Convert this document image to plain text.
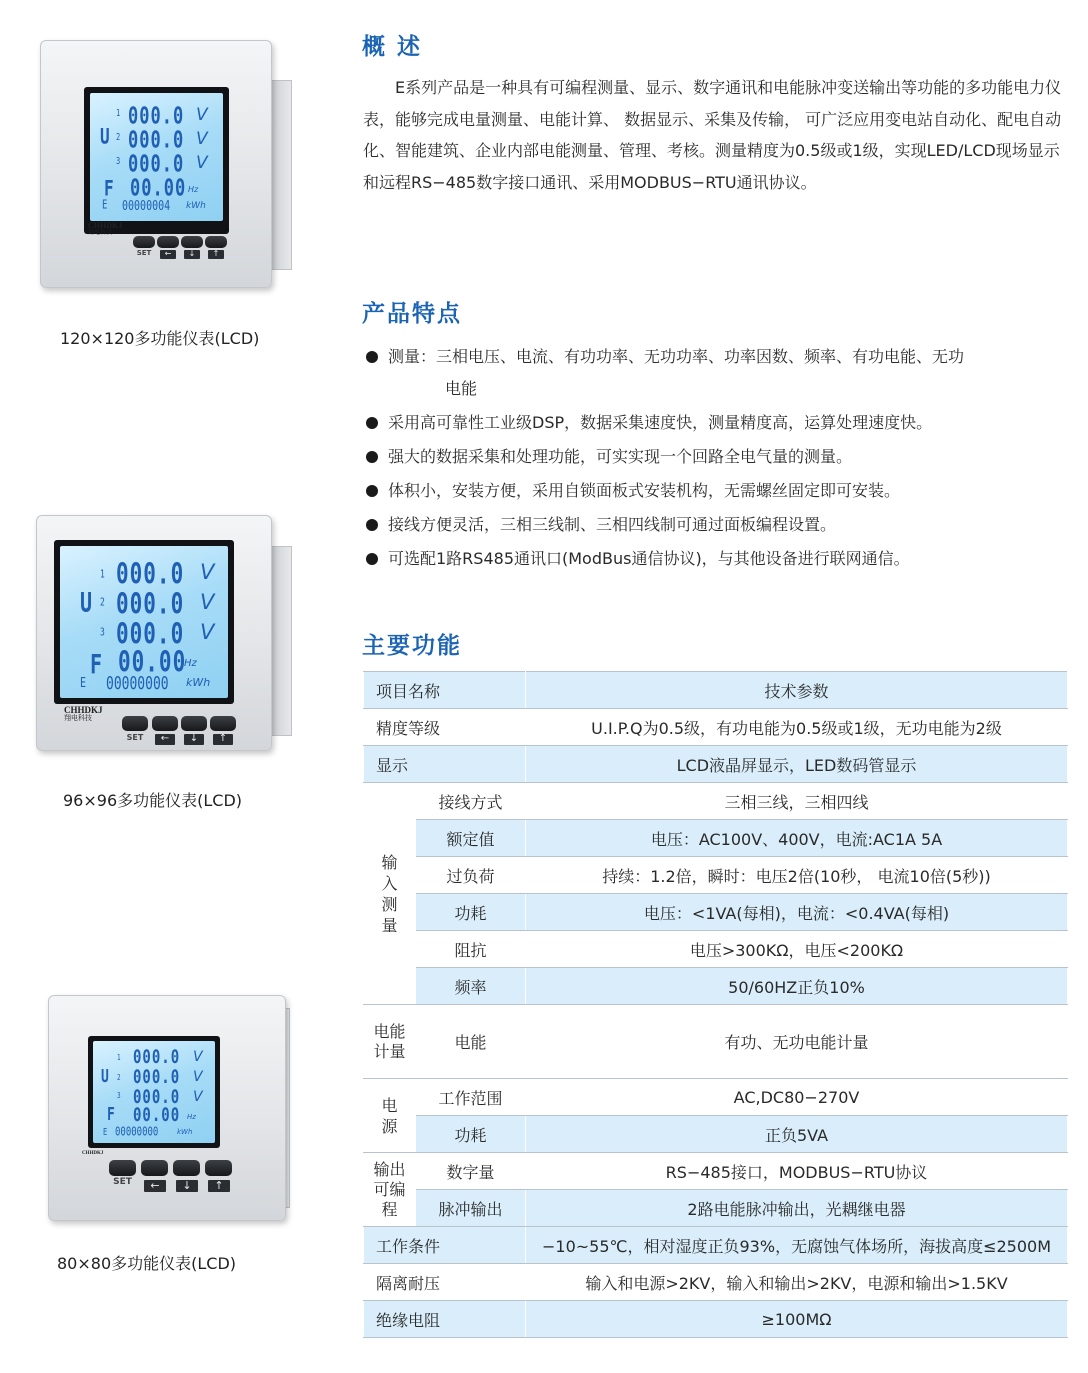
1
2
3
U
000.0
000.0
000.0
V
V
V
F 00.00 Hz
E 00000004 kWh
CHHDKJ
翔电科技
SET	←	↓	↑
120×120多功能仪表(LCD)
1
2
3
U
000.0
000.0
000.0
V
V
V
F 00.00
Hz
E 00000000 kWh
CHHDKJ
翔电科技
SET	←	↓	↑
96×96多功能仪表(LCD)
1
2
3
U
000.0
000.0
000.0
V
V
V
F 00.00 Hz
E 00000000	kWh
CHHDKJ
SET	←	↓	↑
80×80多功能仪表(LCD)
概 述

E系列产品是一种具有可编程测量、显示、数字通讯和电能脉冲变送输出等功能的多功能电力仪表，能够完成电量测量、电能计算、 数据显示、采集及传输， 可广泛应用变电站自动化、配电自动化、智能建筑、企业内部电能测量、管理、考核。测量精度为0.5级或1级，实现LED/LCD现场显示和远程RS−485数字接口通讯、采用MODBUS−RTU通讯协议。

产品特点
测量：三相电压、电流、有功功率、无功功率、功率因数、频率、有功电能、无功
电能
采用高可靠性工业级DSP，数据采集速度快，测量精度高，运算处理速度快。
强大的数据采集和处理功能，可实实现一个回路全电气量的测量。
体积小，安装方便，采用自锁面板式安装机构，无需螺丝固定即可安装。
接线方便灵活，三相三线制、三相四线制可通过面板编程设置。
可选配1路RS485通讯口(ModBus通信协议)，与其他设备进行联网通信。
主要功能
项目名称		技术参数
精度等级		U.I.P.Q为0.5级，有功电能为0.5级或1级，无功电能为2级
显示		LCD液晶屏显示，LED数码管显示
输入测量	接线方式	三相三线，三相四线
	额定值	电压：AC100V、400V，电流:AC1A 5A
	过负荷	持续：1.2倍，瞬时：电压2倍(10秒， 电流10倍(5秒))
	功耗	电压：<1VA(每相)，电流：<0.4VA(每相)
	阻抗	电压>300KΩ，电压<200KΩ
	频率	50/60HZ正负10%
电能计量	电能	有功、无功电能计量
电源	工作范围	AC,DC80−270V
	功耗	正负5VA
输出可编程	数字量	RS−485接口，MODBUS−RTU协议
	脉冲输出	2路电能脉冲输出，光耦继电器
工作条件		−10~55℃，相对湿度正负93%，无腐蚀气体场所，海拔高度≤2500M
隔离耐压		输入和电源>2KV，输入和输出>2KV，电源和输出>1.5KV
绝缘电阻		≥100MΩ
